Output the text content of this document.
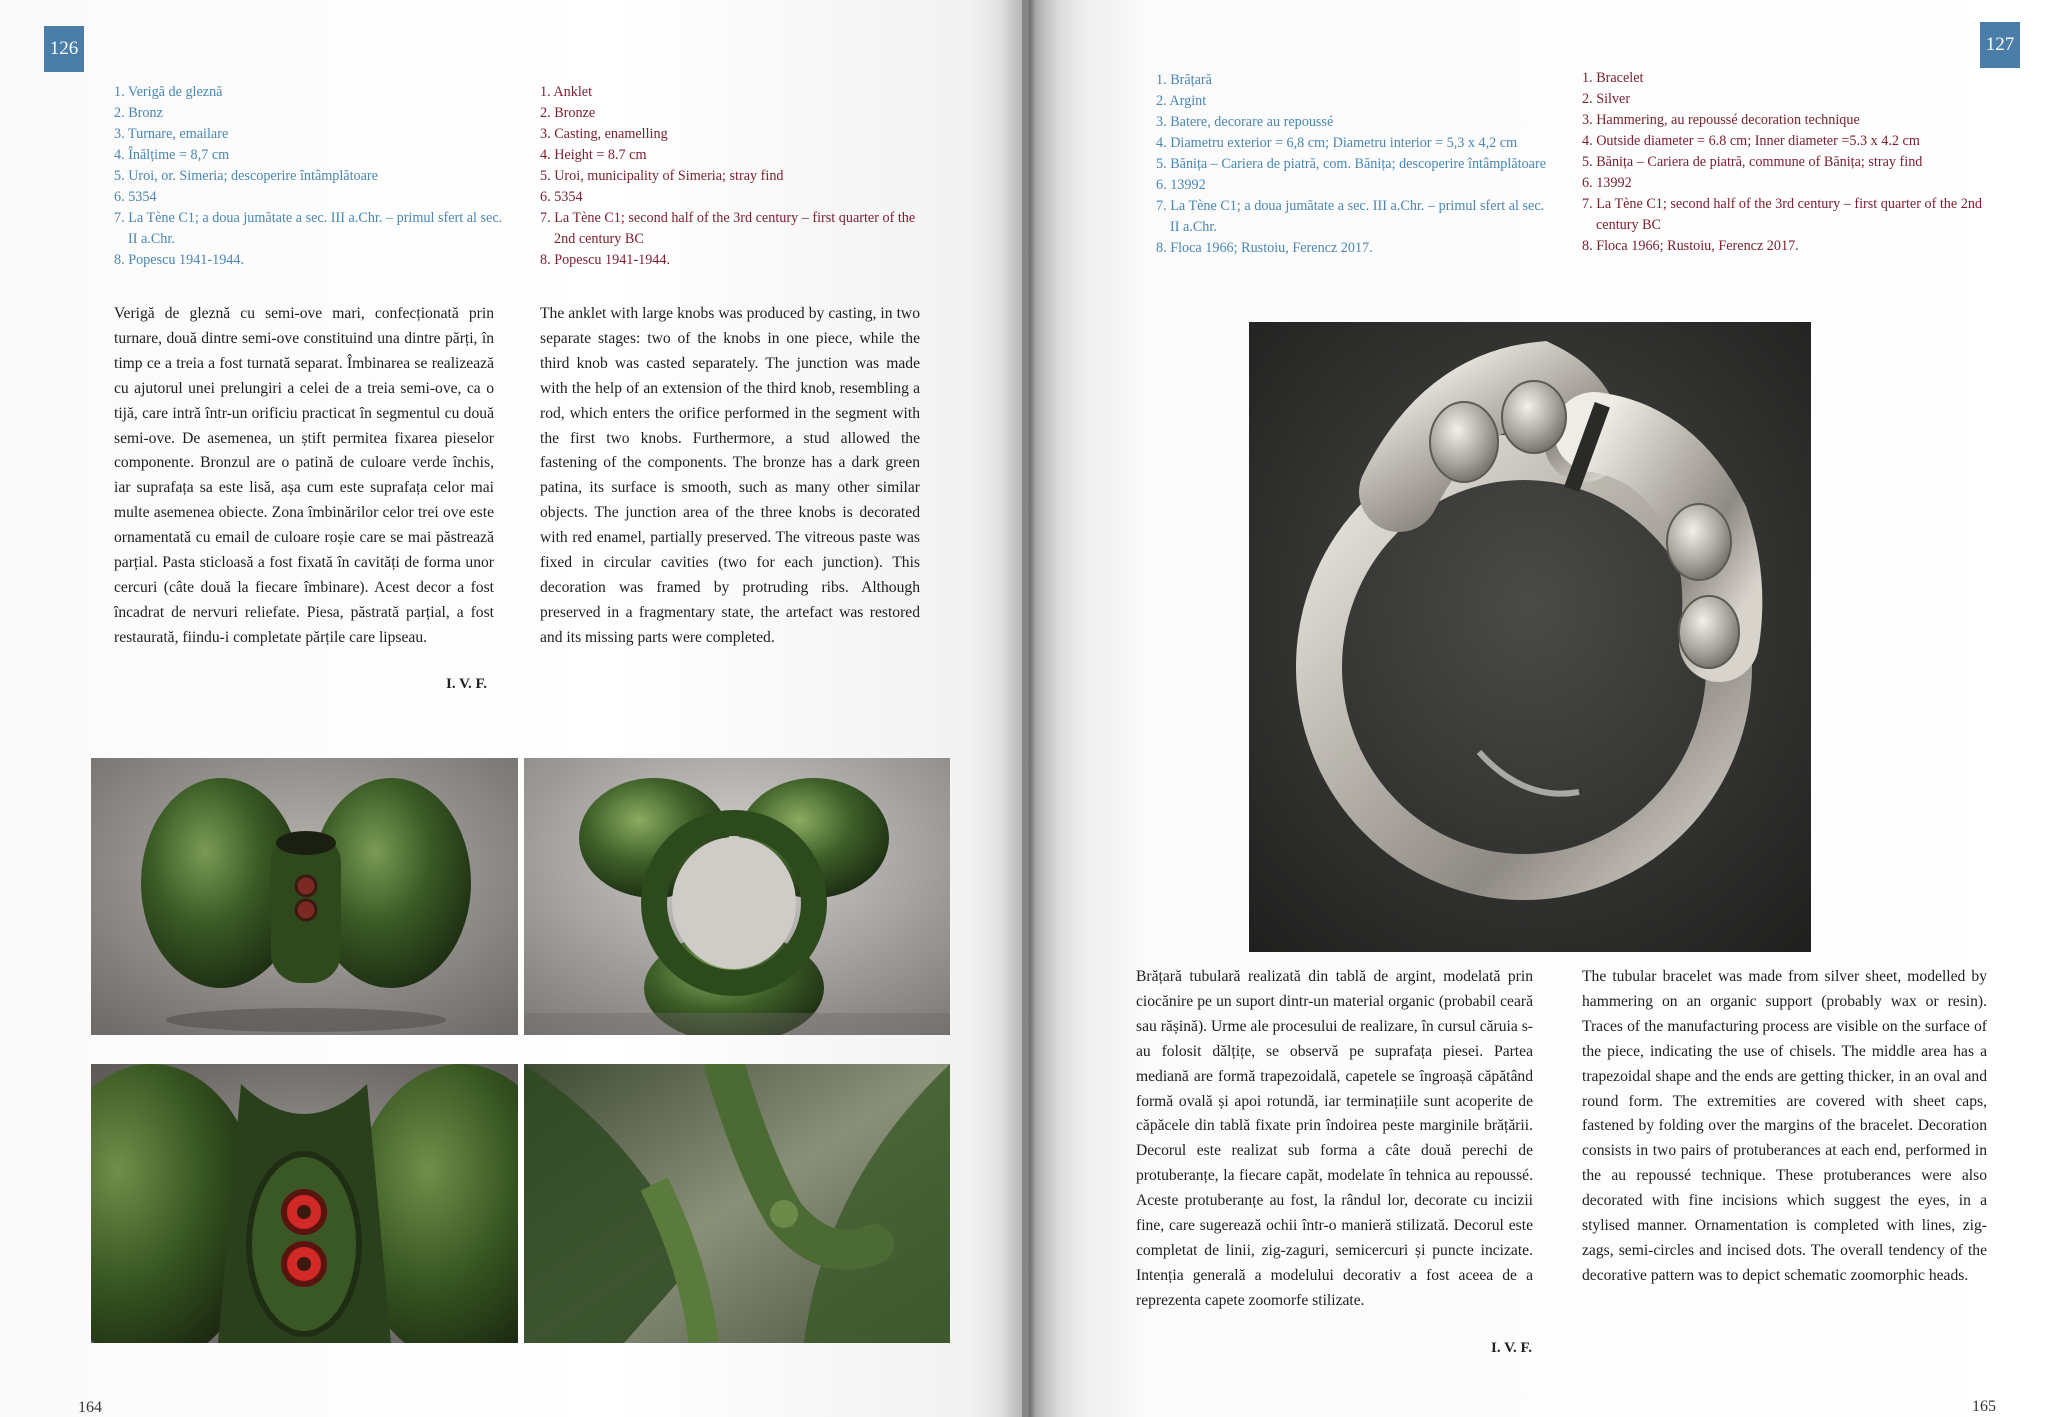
126
1. Verigă de gleznă
2. Bronz
3. Turnare, emailare
4. Înălțime = 8,7 cm
5. Uroi, or. Simeria; descoperire întâmplătoare
6. 5354
7. La Tène C1; a doua jumătate a sec. III a.Chr. – primul sfert al sec. II a.Chr.
8. Popescu 1941-1944.
1. Anklet
2. Bronze
3. Casting, enamelling
4. Height = 8.7 cm
5. Uroi, municipality of Simeria; stray find
6. 5354
7. La Tène C1; second half of the 3rd century – first quarter of the 2nd century BC
8. Popescu 1941-1944.

Verigă de gleznă cu semi-ove mari, confecționată prin turnare, două dintre semi-ove constituind una dintre părți, în timp ce a treia a fost turnată separat. Îmbinarea se realizează cu ajutorul unei prelungiri a celei de a treia semi-ove, ca o tijă, care intră într-un orificiu practicat în segmentul cu două semi-ove. De asemenea, un știft permitea fixarea pieselor componente. Bronzul are o patină de culoare verde închis, iar suprafața sa este lisă, așa cum este suprafața celor mai multe asemenea obiecte. Zona îmbinărilor celor trei ove este ornamentată cu email de culoare roșie care se mai păstrează parțial. Pasta sticloasă a fost fixată în cavități de forma unor cercuri (câte două la fiecare îmbinare). Acest decor a fost încadrat de nervuri reliefate. Piesa, păstrată parțial, a fost restaurată, fiindu-i completate părțile care lipseau.

I. V. F.

The anklet with large knobs was produced by casting, in two separate stages: two of the knobs in one piece, while the third knob was casted separately. The junction was made with the help of an extension of the third knob, resembling a rod, which enters the orifice performed in the segment with the first two knobs. Furthermore, a stud allowed the fastening of the components. The bronze has a dark green patina, its surface is smooth, such as many other similar objects. The junction area of the three knobs is decorated with red enamel, partially preserved. The vitreous paste was fixed in circular cavities (two for each junction). This decoration was framed by protruding ribs. Although preserved in a fragmentary state, the artefact was restored and its missing parts were completed.

164
127
1. Brățară
2. Argint
3. Batere, decorare au repoussé
4. Diametru exterior = 6,8 cm; Diametru interior = 5,3 x 4,2 cm
5. Bănița – Cariera de piatră, com. Bănița; descoperire întâmplătoare
6. 13992
7. La Tène C1; a doua jumătate a sec. III a.Chr. – primul sfert al sec. II a.Chr.
8. Floca 1966; Rustoiu, Ferencz 2017.
1. Bracelet
2. Silver
3. Hammering, au repoussé decoration technique
4. Outside diameter = 6.8 cm; Inner diameter =5.3 x 4.2 cm
5. Bănița – Cariera de piatră, commune of Bănița; stray find
6. 13992
7. La Tène C1; second half of the 3rd century – first quarter of the 2nd century BC
8. Floca 1966; Rustoiu, Ferencz 2017.

Brățară tubulară realizată din tablă de argint, modelată prin ciocănire pe un suport dintr-un material organic (probabil ceară sau rășină). Urme ale procesului de realizare, în cursul căruia s-au folosit dălțițe, se observă pe suprafața piesei. Partea mediană are formă trapezoidală, capetele se îngroașă căpătând formă ovală și apoi rotundă, iar terminațiile sunt acoperite de căpăcele din tablă fixate prin îndoirea peste marginile brățării. Decorul este realizat sub forma a câte două perechi de protuberanțe, la fiecare capăt, modelate în tehnica au repoussé. Aceste protuberanțe au fost, la rândul lor, decorate cu incizii fine, care sugerează ochii într-o manieră stilizată. Decorul este completat de linii, zig-zaguri, semicercuri și puncte incizate. Intenția generală a modelului decorativ a fost aceea de a reprezenta capete zoomorfe stilizate.

I. V. F.

The tubular bracelet was made from silver sheet, modelled by hammering on an organic support (probably wax or resin). Traces of the manufacturing process are visible on the surface of the piece, indicating the use of chisels. The middle area has a trapezoidal shape and the ends are getting thicker, in an oval and round form. The extremities are covered with sheet caps, fastened by folding over the margins of the bracelet. Decoration consists in two pairs of protuberances at each end, performed in the au repoussé technique. These protuberances were also decorated with fine incisions which suggest the eyes, in a stylised manner. Ornamentation is completed with lines, zig-zags, semi-circles and incised dots. The overall tendency of the decorative pattern was to depict schematic zoomorphic heads.

165
